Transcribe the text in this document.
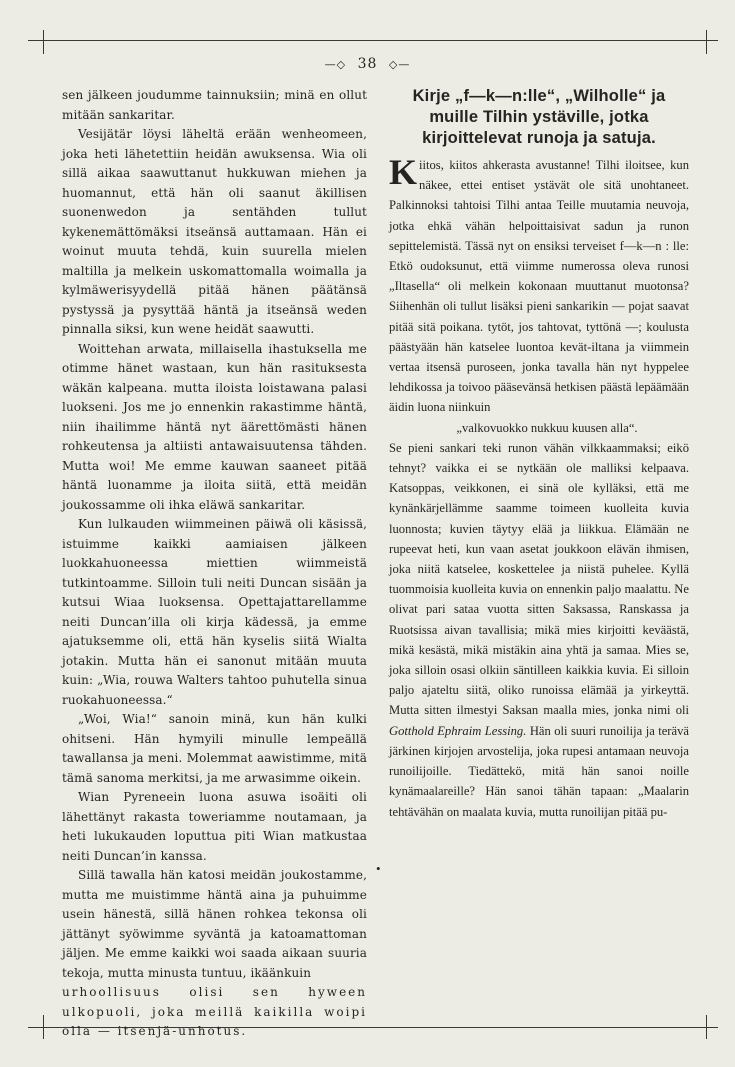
—◇ 38 ◇—

sen jälkeen joudumme tainnuksiin; minä en ollut mitään sankaritar.

Vesijätär löysi läheltä erään wenheomeen, joka heti lähetettiin heidän awuksensa. Wia oli sillä aikaa saawuttanut hukkuwan miehen ja huomannut, että hän oli saanut äkillisen suonenwedon ja sentähden tullut kykenemättömäksi itseänsä auttamaan. Hän ei woinut muuta tehdä, kuin suurella mielen maltilla ja melkein uskomattomalla woimalla ja kylmäwerisyydellä pitää hänen päätänsä pystyssä ja pysyttää häntä ja itseänsä weden pinnalla siksi, kun wene heidät saawutti.

Woittehan arwata, millaisella ihastuksella me otimme hänet wastaan, kun hän rasituksesta wäkän kalpeana. mutta iloista loistawana palasi luokseni. Jos me jo ennenkin rakastimme häntä, niin ihailimme häntä nyt äärettömästi hänen rohkeutensa ja altiisti antawaisuutensa tähden. Mutta woi! Me emme kauwan saaneet pitää häntä luonamme ja iloita siitä, että meidän joukossamme oli ihka eläwä sankaritar.

Kun lulkauden wiimmeinen päiwä oli käsissä, istuimme kaikki aamiaisen jälkeen luokkahuoneessa miettien wiimmeistä tutkintoamme. Silloin tuli neiti Duncan sisään ja kutsui Wiaa luoksensa. Opettajattarellamme neiti Duncan’illa oli kirja kädessä, ja emme ajatuksemme oli, että hän kyselis siitä Wialta jotakin. Mutta hän ei sanonut mitään muuta kuin: „Wia, rouwa Walters tahtoo puhutella sinua ruokahuoneessa.“

„Woi, Wia!“ sanoin minä, kun hän kulki ohitseni. Hän hymyili minulle lempeällä tawallansa ja meni. Molemmat aawistimme, mitä tämä sanoma merkitsi, ja me arwasimme oikein.

Wian Pyreneein luona asuwa isoäiti oli lähettänyt rakasta toweriamme noutamaan, ja heti lukukauden loputtua piti Wian matkustaa neiti Duncan’in kanssa.

Sillä tawalla hän katosi meidän joukostamme, mutta me muistimme häntä aina ja puhuimme usein hänestä, sillä hänen rohkea tekonsa oli jättänyt syöwimme syväntä ja katoamattoman jäljen. Me emme kaikki woi saada aikaan suuria tekoja, mutta minusta tuntuu, ikäänkuin

urhoollisuus olisi sen hyween ulkopuoli, joka meillä kaikilla woipi olla — itsenjä-unhotus.

Kirje „f—k—n:lle“, „Wilholle“ ja muille Tilhin ystäville, jotka kirjoittelevat runoja ja satuja.

Kiitos, kiitos ahkerasta avustanne! Tilhi iloitsee, kun näkee, ettei entiset ystävät ole sitä unohtaneet. Palkinnoksi tahtoisi Tilhi antaa Teille muutamia neuvoja, jotka ehkä vähän helpoittaisivat sadun ja runon sepittelemistä. Tässä nyt on ensiksi terveiset f—k—n : lle: Etkö oudoksunut, että viimme numerossa oleva runosi „Iltasella“ oli melkein kokonaan muuttanut muotonsa? Siihenhän oli tullut lisäksi pieni sankarikin — pojat saavat pitää sitä poikana. tytöt, jos tahtovat, tyttönä —; koulusta päästyään hän katselee luontoa kevät-iltana ja viimmein vertaa itsensä puroseen, jonka tavalla hän nyt hyppelee lehdikossa ja toivoo pääsevänsä hetkisen päästä lepäämään äidin luona niinkuin

„valkovuokko nukkuu kuusen alla“.

Se pieni sankari teki runon vähän vilkkaammaksi; eikö tehnyt? vaikka ei se nytkään ole malliksi kelpaava. Katsoppas, veikkonen, ei sinä ole kylläksi, että me kynänkärjellämme saamme toimeen kuolleita kuvia luonnosta; kuvien täytyy elää ja liikkua. Elämään ne rupeevat heti, kun vaan asetat joukkoon elävän ihmisen, joka niitä katselee, koskettelee ja niistä puhelee. Kyllä tuommoisia kuolleita kuvia on ennenkin paljo maalattu. Ne olivat pari sataa vuotta sitten Saksassa, Ranskassa ja Ruotsissa aivan tavallisia; mikä mies kirjoitti keväästä, mikä kesästä, mikä mistäkin aina yhtä ja samaa. Mies se, joka silloin osasi olkiin säntilleen kaikkia kuvia. Ei silloin paljo ajateltu siitä, oliko runoissa elämää ja yirkeyttä. Mutta sitten ilmestyi Saksan maalla mies, jonka nimi oli Gotthold Ephraim Lessing. Hän oli suuri runoilija ja terävä järkinen kirjojen arvostelija, joka rupesi antamaan neuvoja runoilijoille. Tiedättekö, mitä hän sanoi noille kynämaalareille? Hän sanoi tähän tapaan: „Maalarin tehtävähän on maalata kuvia, mutta runoilijan pitää pu-

•
